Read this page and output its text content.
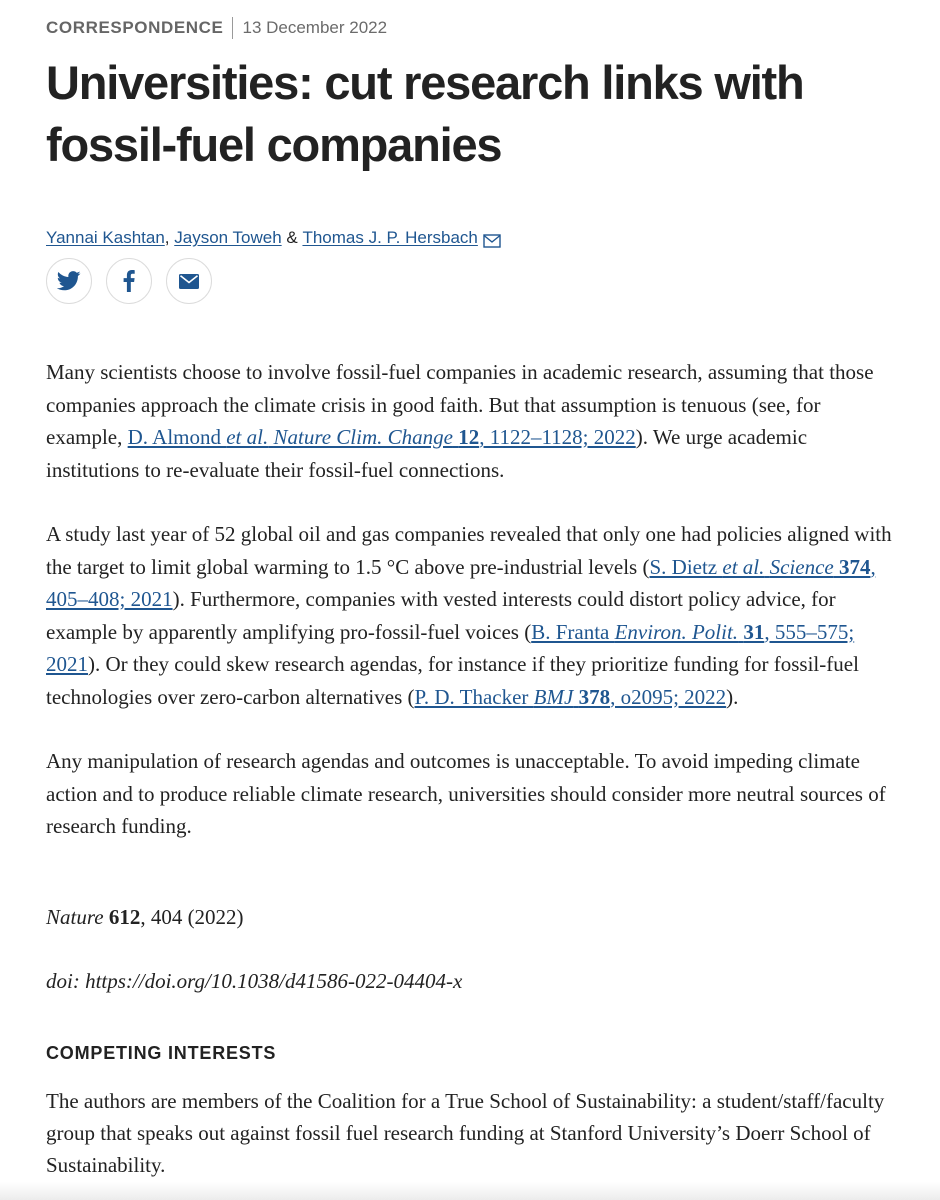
CORRESPONDENCE 13 December 2022
Universities: cut research links with fossil-fuel companies
Yannai Kashtan , Jayson Toweh & Thomas J. P. Hersbach

Many scientists choose to involve fossil-fuel companies in academic research, assuming that those companies approach the climate crisis in good faith. But that assumption is tenuous (see, for example, D. Almond et al. Nature Clim. Change 12, 1122–1128; 2022). We urge academic institutions to re-evaluate their fossil-fuel connections.

A study last year of 52 global oil and gas companies revealed that only one had policies aligned with the target to limit global warming to 1.5 °C above pre-industrial levels (S. Dietz et al. Science 374, 405–408; 2021). Furthermore, companies with vested interests could distort policy advice, for example by apparently amplifying pro-fossil-fuel voices (B. Franta Environ. Polit. 31, 555–575; 2021). Or they could skew research agendas, for instance if they prioritize funding for fossil-fuel technologies over zero-carbon alternatives (P. D. Thacker BMJ 378, o2095; 2022).

Any manipulation of research agendas and outcomes is unacceptable. To avoid impeding climate action and to produce reliable climate research, universities should consider more neutral sources of research funding.

Nature 612, 404 (2022)
doi: https://doi.org/10.1038/d41586-022-04404-x
COMPETING INTERESTS

The authors are members of the Coalition for a True School of Sustainability: a student/staff/faculty group that speaks out against fossil fuel research funding at Stanford University’s Doerr School of Sustainability.
